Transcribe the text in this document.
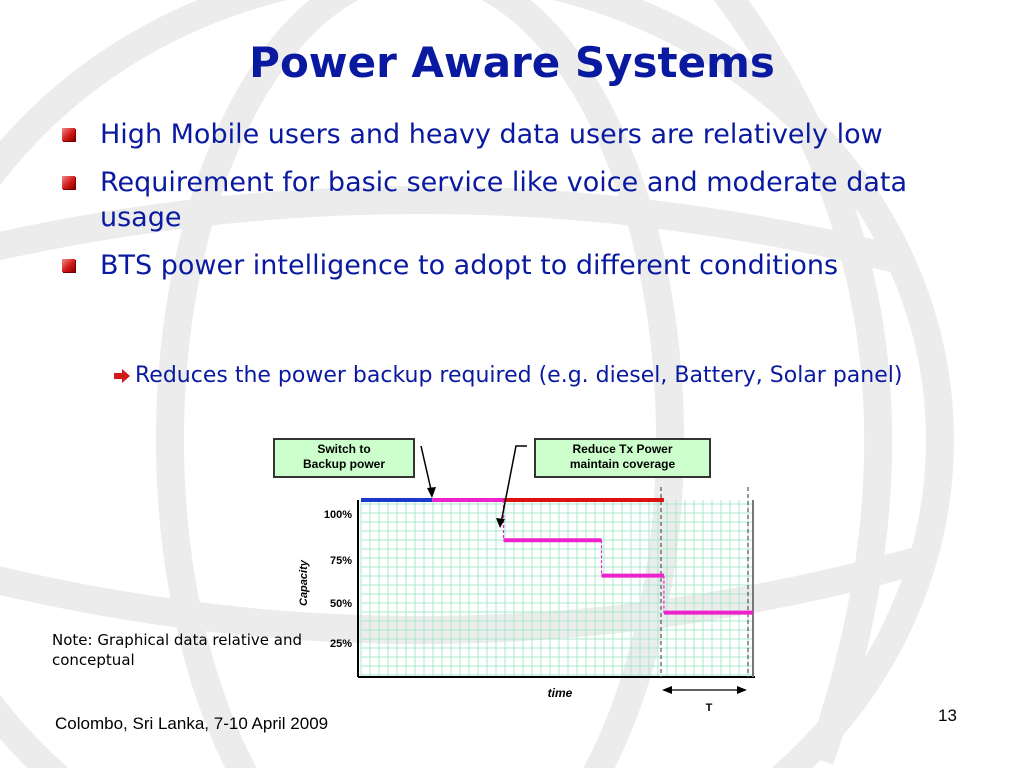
Power Aware Systems
High Mobile users and heavy data users are relatively low
Requirement for basic service like voice and moderate data usage
BTS power intelligence to adopt to different conditions
Reduces the power backup required (e.g. diesel, Battery, Solar panel)
Switch to
Backup power
Reduce Tx Power
maintain coverage
100%
75%
50%
25%
Capacity
time
T
Note: Graphical data relative and conceptual
Colombo, Sri Lanka, 7-10 April 2009	13
